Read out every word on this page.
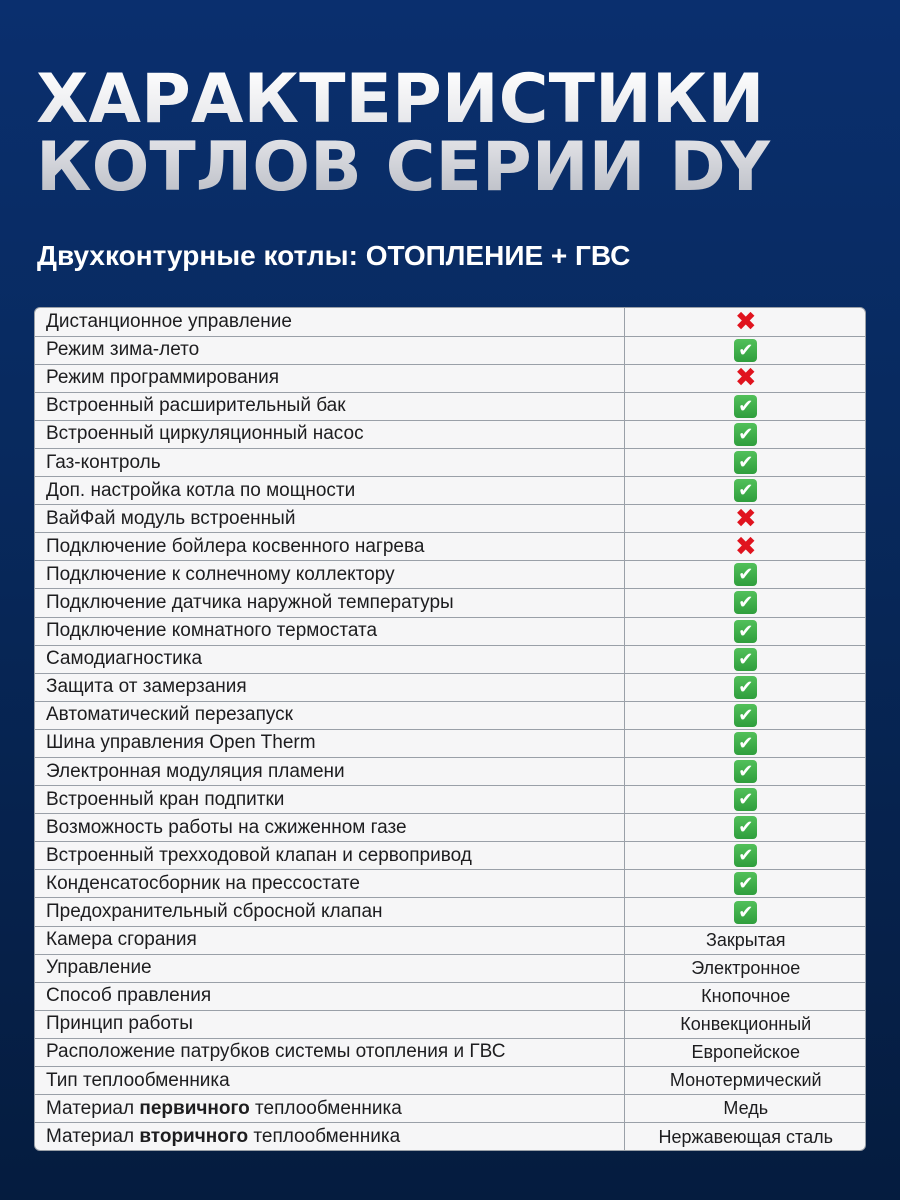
ХАРАКТЕРИСТИКИ
КОТЛОВ СЕРИИ DY
Двухконтурные котлы: ОТОПЛЕНИЕ + ГВС
Дистанционное управление	✖
Режим зима-лето	✔
Режим программирования	✖
Встроенный расширительный бак	✔
Встроенный циркуляционный насос	✔
Газ-контроль	✔
Доп. настройка котла по мощности	✔
ВайФай модуль встроенный	✖
Подключение бойлера косвенного нагрева	✖
Подключение к солнечному коллектору	✔
Подключение датчика наружной температуры	✔
Подключение комнатного термостата	✔
Самодиагностика	✔
Защита от замерзания	✔
Автоматический перезапуск	✔
Шина управления Open Therm	✔
Электронная модуляция пламени	✔
Встроенный кран подпитки	✔
Возможность работы на сжиженном газе	✔
Встроенный трехходовой клапан и сервопривод	✔
Конденсатосборник на прессостате	✔
Предохранительный сбросной клапан	✔
Камера сгорания	Закрытая
Управление	Электронное
Способ правления	Кнопочное
Принцип работы	Конвекционный
Расположение патрубков системы отопления и ГВС	Европейское
Тип теплообменника	Монотермический
Материал первичного теплообменника	Медь
Материал вторичного теплообменника	Нержавеющая сталь
